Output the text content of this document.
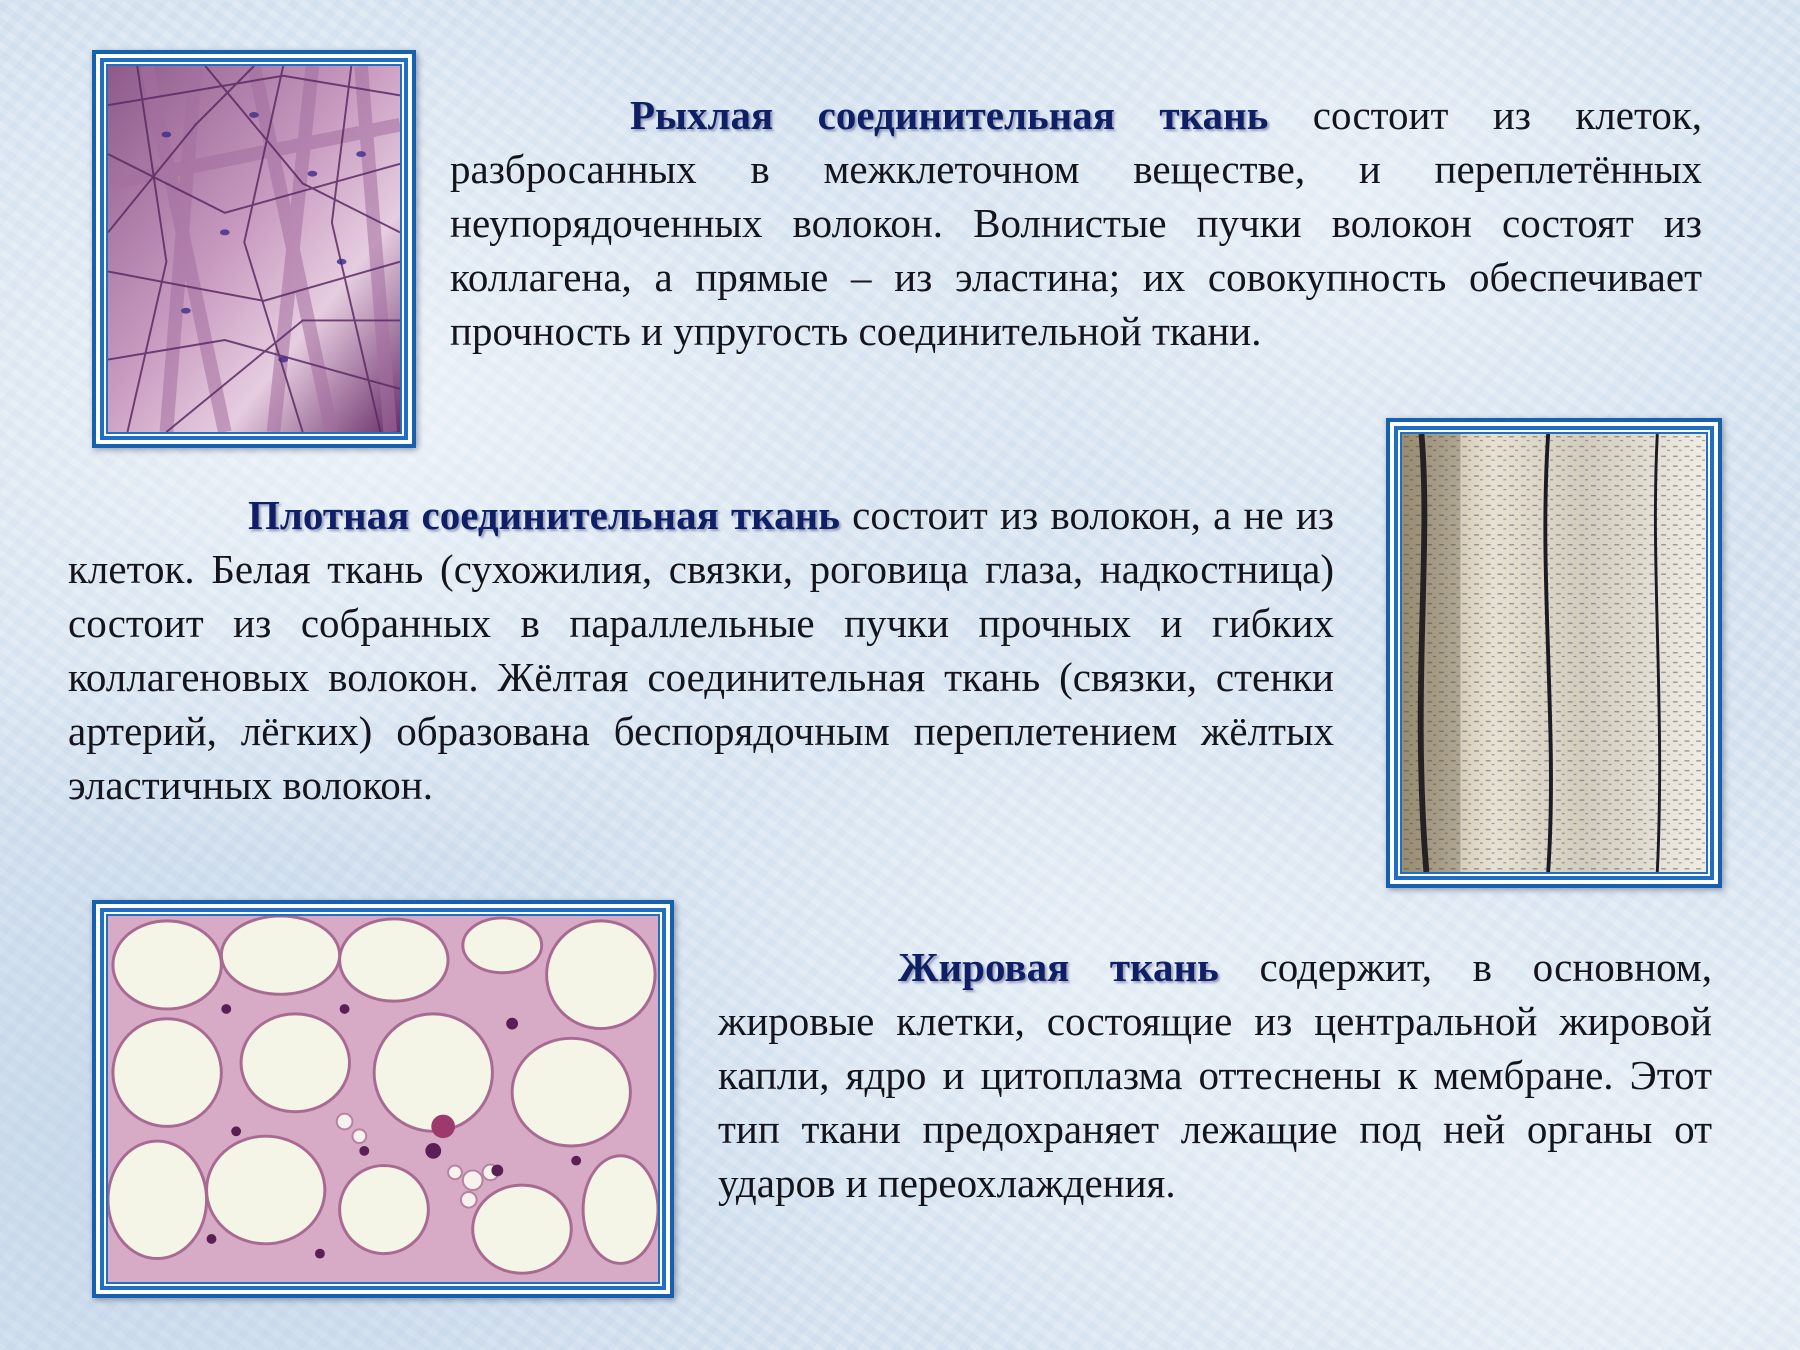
Рыхлая соединительная ткань состоит из клеток, разбросанных в межклеточном веществе, и переплетённых неупорядоченных волокон. Волнистые пучки волокон состоят из коллагена, а прямые – из эластина; их совокупность обеспечивает прочность и упругость соединительной ткани.

Плотная соединительная ткань состоит из волокон, а не из клеток. Белая ткань (сухожилия, связки, роговица глаза, надкостница) состоит из собранных в параллельные пучки прочных и гибких коллагеновых волокон. Жёлтая соединительная ткань (связки, стенки артерий, лёгких) образована беспорядочным переплетением жёлтых эластичных волокон.

Жировая ткань содержит, в основном, жировые клетки, состоящие из центральной жировой капли, ядро и цитоплазма оттеснены к мембране. Этот тип ткани предохраняет лежащие под ней органы от ударов и переохлаждения.
